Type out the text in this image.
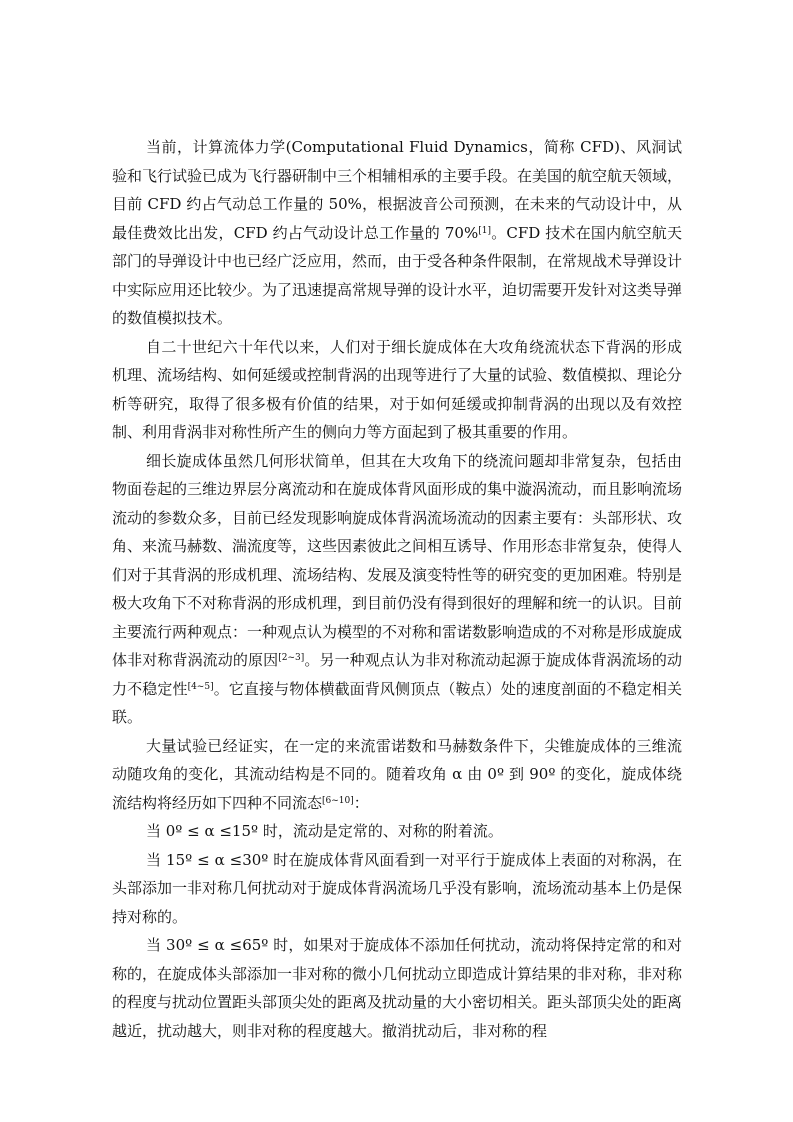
当前，计算流体力学(Computational Fluid Dynamics，简称 CFD)、风洞试验和飞行试验已成为飞行器研制中三个相辅相承的主要手段。在美国的航空航天领域，目前 CFD 约占气动总工作量的 50%，根据波音公司预测，在未来的气动设计中，从最佳费效比出发，CFD 约占气动设计总工作量的 70%[1]。CFD 技术在国内航空航天部门的导弹设计中也已经广泛应用，然而，由于受各种条件限制，在常规战术导弹设计中实际应用还比较少。为了迅速提高常规导弹的设计水平，迫切需要开发针对这类导弹的数值模拟技术。

自二十世纪六十年代以来，人们对于细长旋成体在大攻角绕流状态下背涡的形成机理、流场结构、如何延缓或控制背涡的出现等进行了大量的试验、数值模拟、理论分析等研究，取得了很多极有价值的结果，对于如何延缓或抑制背涡的出现以及有效控制、利用背涡非对称性所产生的侧向力等方面起到了极其重要的作用。

细长旋成体虽然几何形状简单，但其在大攻角下的绕流问题却非常复杂，包括由物面卷起的三维边界层分离流动和在旋成体背风面形成的集中漩涡流动，而且影响流场流动的参数众多，目前已经发现影响旋成体背涡流场流动的因素主要有：头部形状、攻角、来流马赫数、湍流度等，这些因素彼此之间相互诱导、作用形态非常复杂，使得人们对于其背涡的形成机理、流场结构、发展及演变特性等的研究变的更加困难。特别是极大攻角下不对称背涡的形成机理，到目前仍没有得到很好的理解和统一的认识。目前主要流行两种观点：一种观点认为模型的不对称和雷诺数影响造成的不对称是形成旋成体非对称背涡流动的原因[2~3]。另一种观点认为非对称流动起源于旋成体背涡流场的动力不稳定性[4~5]。它直接与物体横截面背风侧顶点（鞍点）处的速度剖面的不稳定相关联。

大量试验已经证实，在一定的来流雷诺数和马赫数条件下，尖锥旋成体的三维流动随攻角的变化，其流动结构是不同的。随着攻角 α 由 0º 到 90º 的变化，旋成体绕流结构将经历如下四种不同流态[6~10]：

当 0º ≤ α ≤15º 时，流动是定常的、对称的附着流。

当 15º ≤ α ≤30º 时在旋成体背风面看到一对平行于旋成体上表面的对称涡，在头部添加一非对称几何扰动对于旋成体背涡流场几乎没有影响，流场流动基本上仍是保持对称的。

当 30º ≤ α ≤65º 时，如果对于旋成体不添加任何扰动，流动将保持定常的和对称的，在旋成体头部添加一非对称的微小几何扰动立即造成计算结果的非对称，非对称的程度与扰动位置距头部顶尖处的距离及扰动量的大小密切相关。距头部顶尖处的距离越近，扰动越大，则非对称的程度越大。撤消扰动后，非对称的程
